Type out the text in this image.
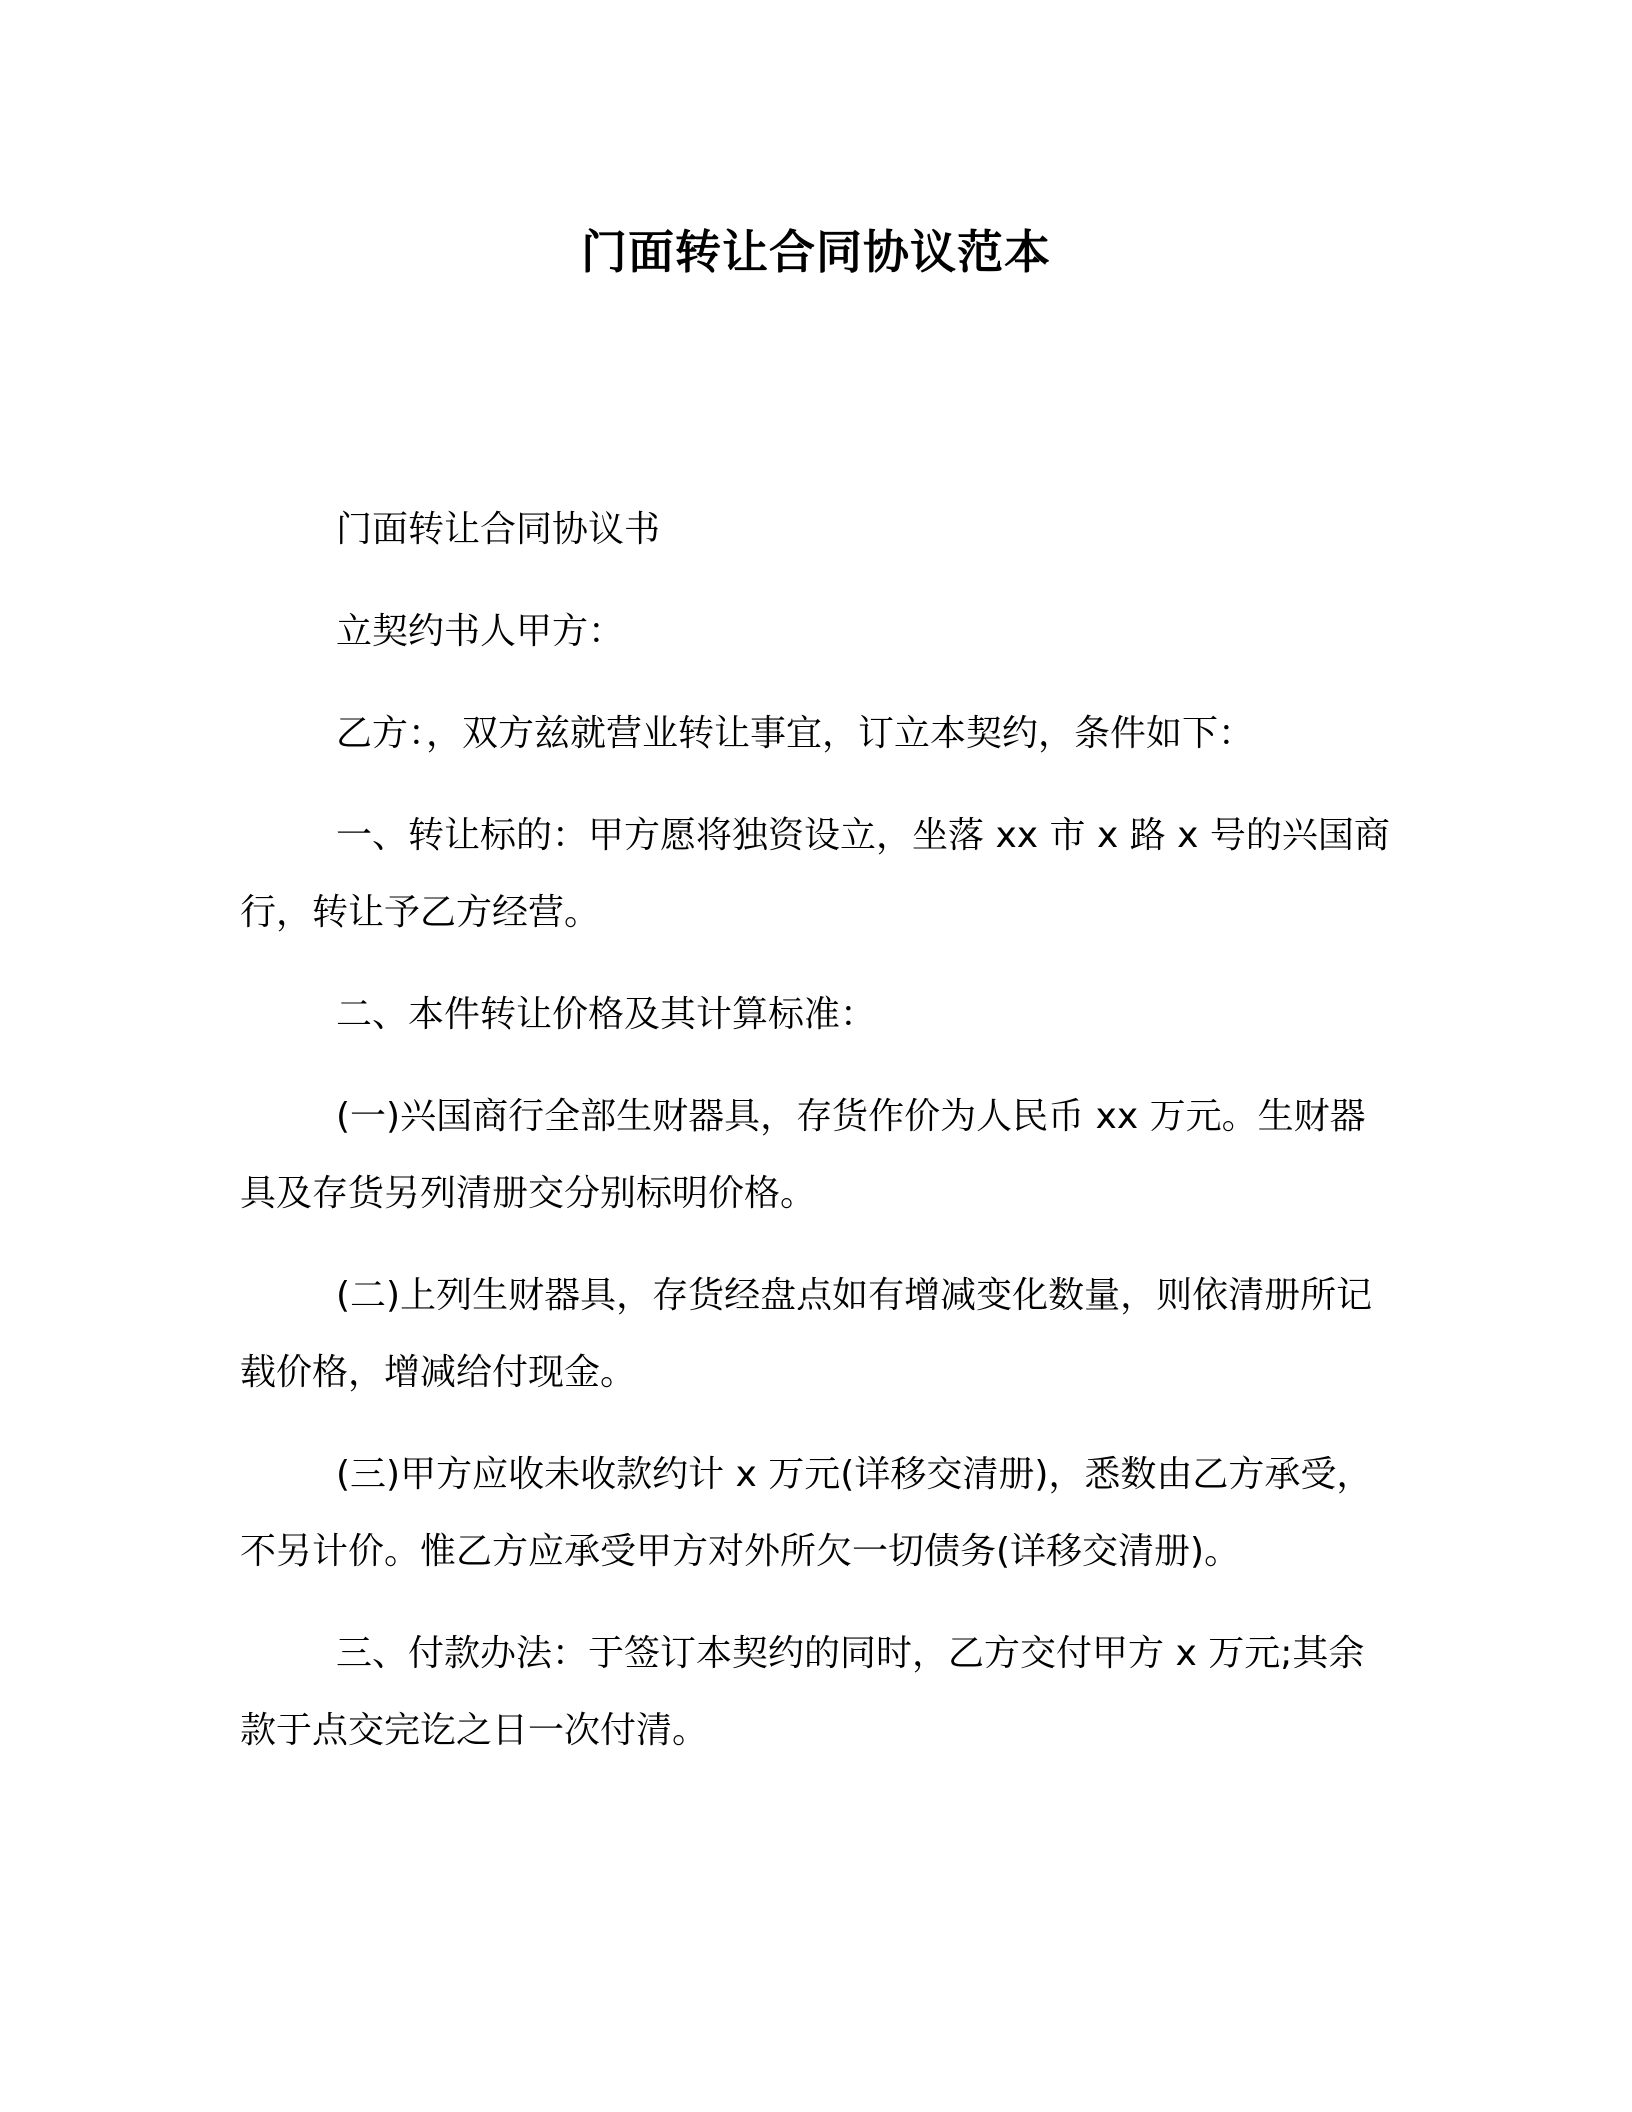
门面转让合同协议范本

门面转让合同协议书

立契约书人甲方：

乙方：，双方兹就营业转让事宜，订立本契约，条件如下：

一、转让标的：甲方愿将独资设立，坐落 xx 市 x 路 x 号的兴国商行，转让予乙方经营。

二、本件转让价格及其计算标准：

(一)兴国商行全部生财器具，存货作价为人民币 xx 万元。生财器具及存货另列清册交分别标明价格。

(二)上列生财器具，存货经盘点如有增减变化数量，则依清册所记载价格，增减给付现金。

(三)甲方应收未收款约计 x 万元(详移交清册)，悉数由乙方承受，不另计价。惟乙方应承受甲方对外所欠一切债务(详移交清册)。

三、付款办法：于签订本契约的同时，乙方交付甲方 x 万元;其余款于点交完讫之日一次付清。
